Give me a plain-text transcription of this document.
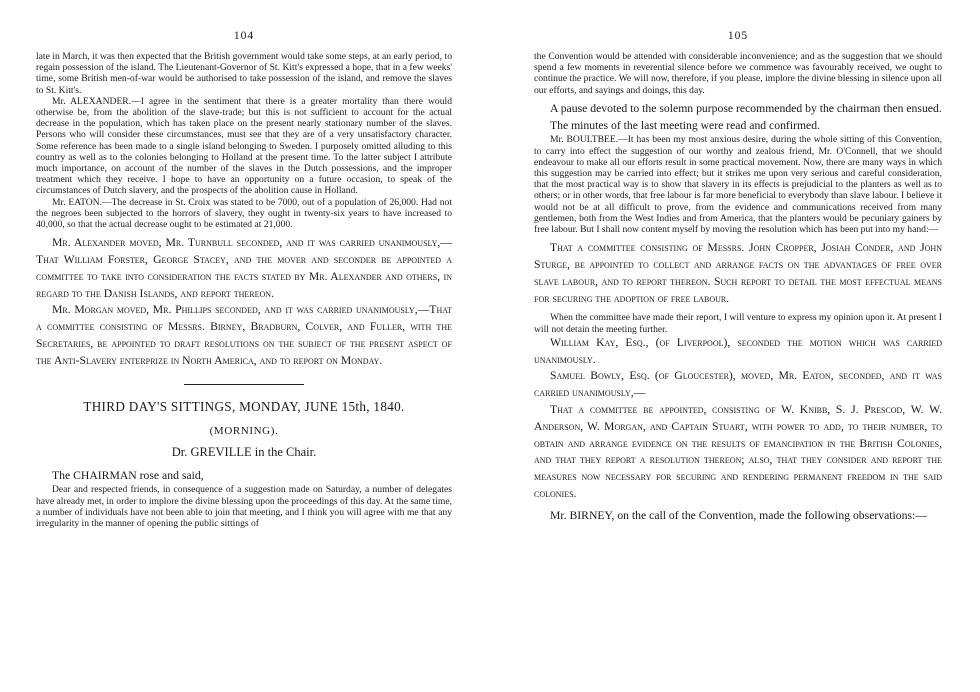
104

late in March, it was then expected that the British government would take some steps, at an early period, to regain possession of the island. The Lieutenant-Governor of St. Kitt's expressed a hope, that in a few weeks' time, some British men-of-war would be authorised to take possession of the island, and remove the slaves to St. Kitt's.

Mr. ALEXANDER.—I agree in the sentiment that there is a greater mortality than there would otherwise be, from the abolition of the slave-trade; but this is not sufficient to account for the actual decrease in the population, which has taken place on the present nearly stationary number of the slaves. Persons who will consider these circumstances, must see that they are of a very unsatisfactory character. Some reference has been made to a single island belonging to Sweden. I purposely omitted alluding to this country as well as to the colonies belonging to Holland at the present time. To the latter subject I attribute much importance, on account of the number of the slaves in the Dutch possessions, and the improper treatment which they receive. I hope to have an opportunity on a future occasion, to speak of the circumstances of Dutch slavery, and the prospects of the abolition cause in Holland.

Mr. EATON.—The decrease in St. Croix was stated to be 7000, out of a population of 26,000. Had not the negroes been subjected to the horrors of slavery, they ought in twenty-six years to have increased to 40,000, so that the actual decrease ought to be estimated at 21,000.

Mr. Alexander moved, Mr. Turnbull seconded, and it was carried unanimously,—That William Forster, George Stacey, and the mover and seconder be appointed a committee to take into consideration the facts stated by Mr. Alexander and others, in regard to the Danish Islands, and report thereon.

Mr. Morgan moved, Mr. Phillips seconded, and it was carried unanimously,—That a committee consisting of Messrs. Birney, Bradburn, Colver, and Fuller, with the Secretaries, be appointed to draft resolutions on the subject of the present aspect of the Anti-Slavery enterprize in North America, and to report on Monday.

THIRD DAY'S SITTINGS, MONDAY, JUNE 15th, 1840.
(MORNING).
Dr. GREVILLE in the Chair.

The CHAIRMAN rose and said,

Dear and respected friends, in consequence of a suggestion made on Saturday, a number of delegates have already met, in order to implore the divine blessing upon the proceedings of this day. At the same time, a number of individuals have not been able to join that meeting, and I think you will agree with me that any irregularity in the manner of opening the public sittings of

105

the Convention would be attended with considerable inconvenience; and as the suggestion that we should spend a few moments in reverential silence before we commence was favourably received, we ought to continue the practice. We will now, therefore, if you please, implore the divine blessing in silence upon all our efforts, and sayings and doings, this day.

A pause devoted to the solemn purpose recommended by the chairman then ensued.

The minutes of the last meeting were read and confirmed.

Mr. BOULTBEE.—It has been my most anxious desire, during the whole sitting of this Convention, to carry into effect the suggestion of our worthy and zealous friend, Mr. O'Connell, that we should endeavour to make all our efforts result in some practical movement. Now, there are many ways in which this suggestion may be carried into effect; but it strikes me upon very serious and careful consideration, that the most practical way is to show that slavery in its effects is prejudicial to the planters as well as to others; or in other words, that free labour is far more beneficial to everybody than slave labour. I believe it would not be at all difficult to prove, from the evidence and communications received from many gentlemen, both from the West Indies and from America, that the planters would be pecuniary gainers by free labour. But I shall now content myself by moving the resolution which has been put into my hand:—

That a committee consisting of Messrs. John Cropper, Josiah Conder, and John Sturge, be appointed to collect and arrange facts on the advantages of free over slave labour, and to report thereon. Such report to detail the most effectual means for securing the adoption of free labour.

When the committee have made their report, I will venture to express my opinion upon it. At present I will not detain the meeting further.

William Kay, Esq., (of Liverpool), seconded the motion which was carried unanimously.

Samuel Bowly, Esq. (of Gloucester), moved, Mr. Eaton, seconded, and it was carried unanimously,—

That a committee be appointed, consisting of W. Knibb, S. J. Prescod, W. W. Anderson, W. Morgan, and Captain Stuart, with power to add, to their number, to obtain and arrange evidence on the results of emancipation in the British Colonies, and that they report a resolution thereon; also, that they consider and report the measures now necessary for securing and rendering permanent freedom in the said colonies.

Mr. BIRNEY, on the call of the Convention, made the following observations:—
